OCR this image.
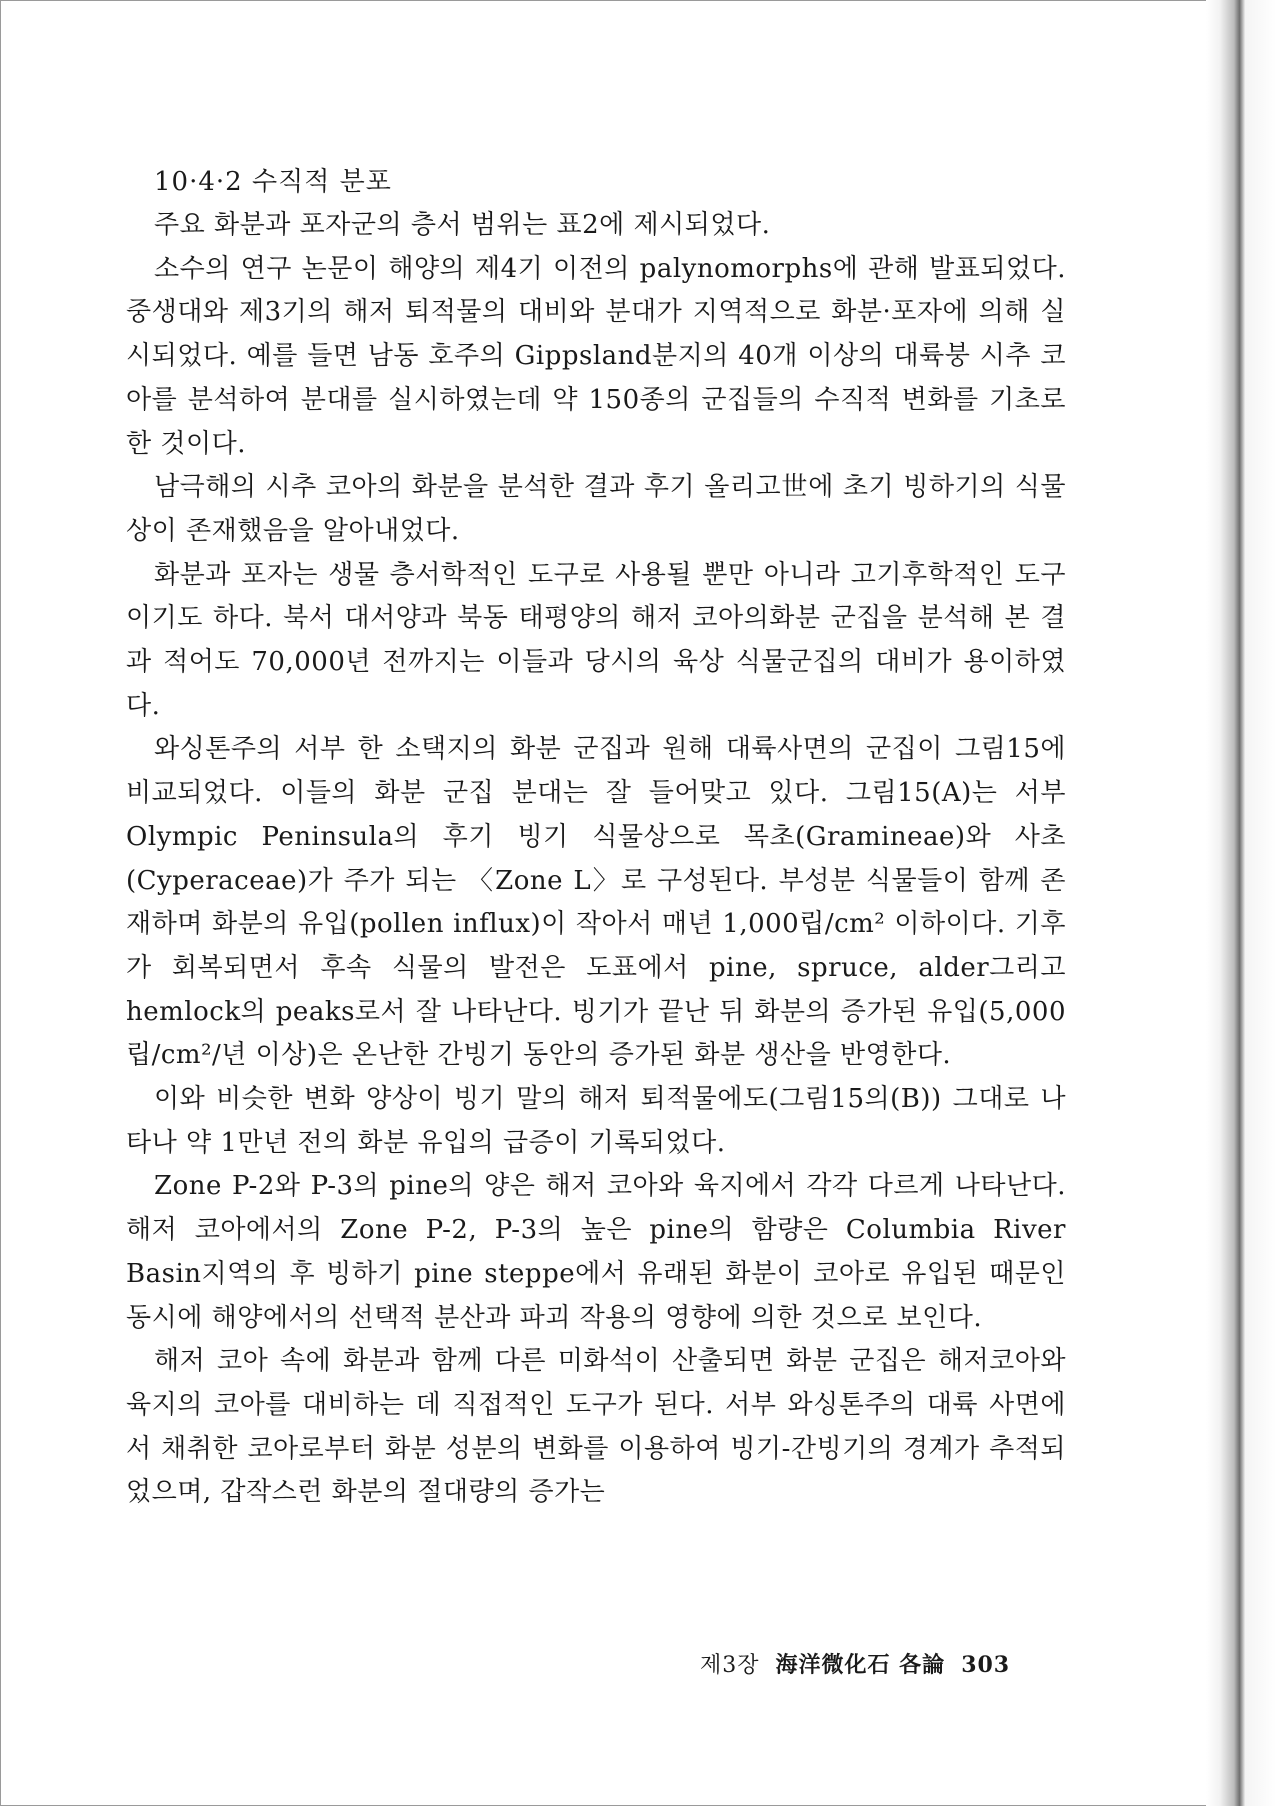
10·4·2 수직적 분포

주요 화분과 포자군의 층서 범위는 표2에 제시되었다.

소수의 연구 논문이 해양의 제4기 이전의 palynomorphs에 관해 발표되었다. 중생대와 제3기의 해저 퇴적물의 대비와 분대가 지역적으로 화분·포자에 의해 실시되었다. 예를 들면 남동 호주의 Gippsland분지의 40개 이상의 대륙붕 시추 코아를 분석하여 분대를 실시하였는데 약 150종의 군집들의 수직적 변화를 기초로 한 것이다.

남극해의 시추 코아의 화분을 분석한 결과 후기 올리고世에 초기 빙하기의 식물상이 존재했음을 알아내었다.

화분과 포자는 생물 층서학적인 도구로 사용될 뿐만 아니라 고기후학적인 도구이기도 하다. 북서 대서양과 북동 태평양의 해저 코아의화분 군집을 분석해 본 결과 적어도 70,000년 전까지는 이들과 당시의 육상 식물군집의 대비가 용이하였다.

와싱톤주의 서부 한 소택지의 화분 군집과 원해 대륙사면의 군집이 그림15에 비교되었다. 이들의 화분 군집 분대는 잘 들어맞고 있다. 그림15(A)는 서부 Olympic Peninsula의 후기 빙기 식물상으로 목초(Gramineae)와 사초(Cyperaceae)가 주가 되는 〈Zone L〉로 구성된다. 부성분 식물들이 함께 존재하며 화분의 유입(pollen influx)이 작아서 매년 1,000립/cm² 이하이다. 기후가 회복되면서 후속 식물의 발전은 도표에서 pine, spruce, alder그리고 hemlock의 peaks로서 잘 나타난다. 빙기가 끝난 뒤 화분의 증가된 유입(5,000립/cm²/년 이상)은 온난한 간빙기 동안의 증가된 화분 생산을 반영한다.

이와 비슷한 변화 양상이 빙기 말의 해저 퇴적물에도(그림15의(B)) 그대로 나타나 약 1만년 전의 화분 유입의 급증이 기록되었다.

Zone P-2와 P-3의 pine의 양은 해저 코아와 육지에서 각각 다르게 나타난다. 해저 코아에서의 Zone P-2, P-3의 높은 pine의 함량은 Columbia River Basin지역의 후 빙하기 pine steppe에서 유래된 화분이 코아로 유입된 때문인 동시에 해양에서의 선택적 분산과 파괴 작용의 영향에 의한 것으로 보인다.

해저 코아 속에 화분과 함께 다른 미화석이 산출되면 화분 군집은 해저코아와 육지의 코아를 대비하는 데 직접적인 도구가 된다. 서부 와싱톤주의 대륙 사면에서 채취한 코아로부터 화분 성분의 변화를 이용하여 빙기-간빙기의 경계가 추적되었으며, 갑작스런 화분의 절대량의 증가는

제3장 海洋微化石 各論 303
